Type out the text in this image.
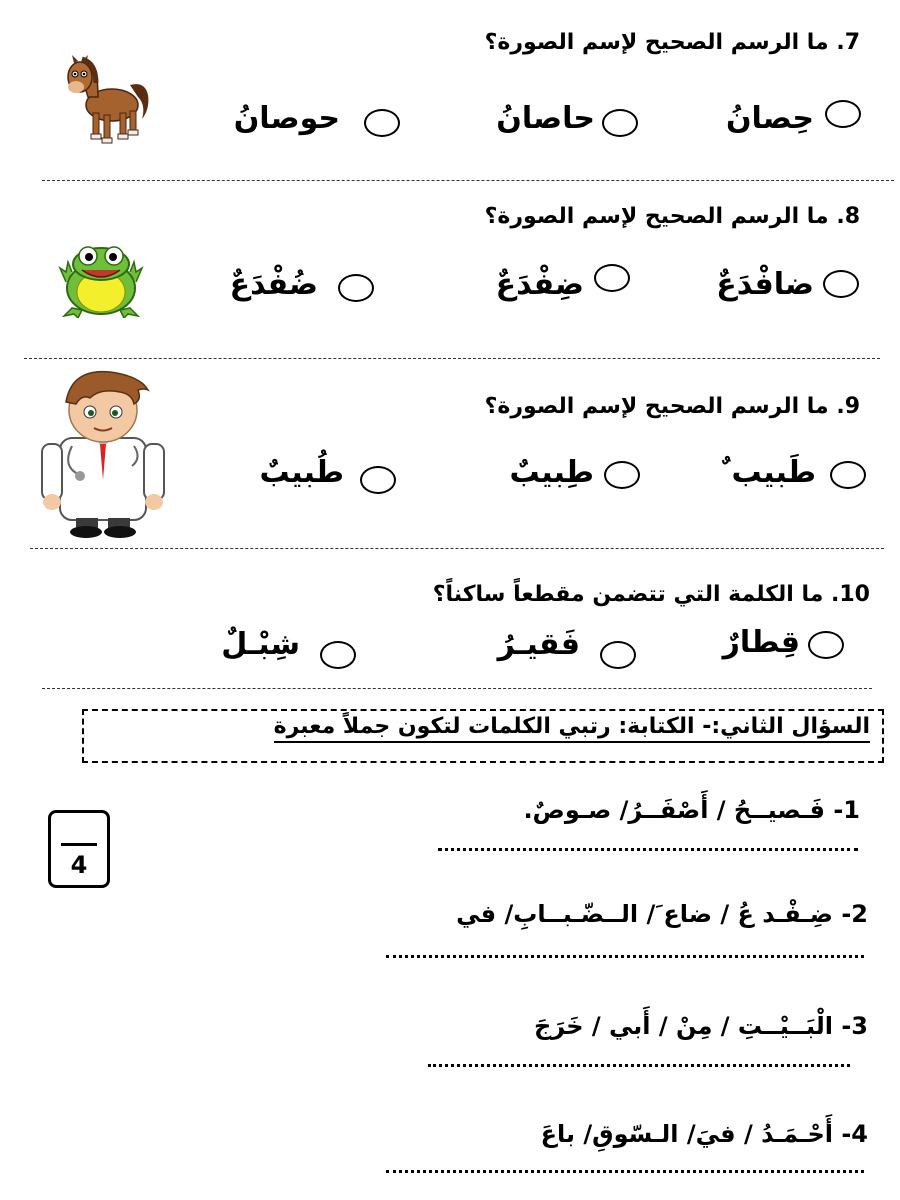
7. ما الرسم الصحيح لإسم الصورة؟
حِصانُ
حاصانُ
حوصانُ
8. ما الرسم الصحيح لإسم الصورة؟
ضافْدَعٌ
ضِفْدَعٌ
ضُفْدَعٌ
9. ما الرسم الصحيح لإسم الصورة؟
طَبيب ٌ
طِبيبٌ
طُبيبٌ
10. ما الكلمة التي تتضمن مقطعاً ساكناً؟
قِطارٌ
فَقيـرُ
شِبْـلٌ
السؤال الثاني:- الكتابة: رتبي الكلمات لتكون جملاً معبرة
4
1- فَـصيــحُ / أَصْفَــرُ/ صـوصٌ.
2- ضِـفْـد عُ / ضاع َ/ الــضّـبــابِ/ في
3- الْبَــيْــتِ / مِنْ / أَبي / خَرَجَ
4- أَحْـمَـدُ / فيَ/ الـسّوقِ/ باعَ
